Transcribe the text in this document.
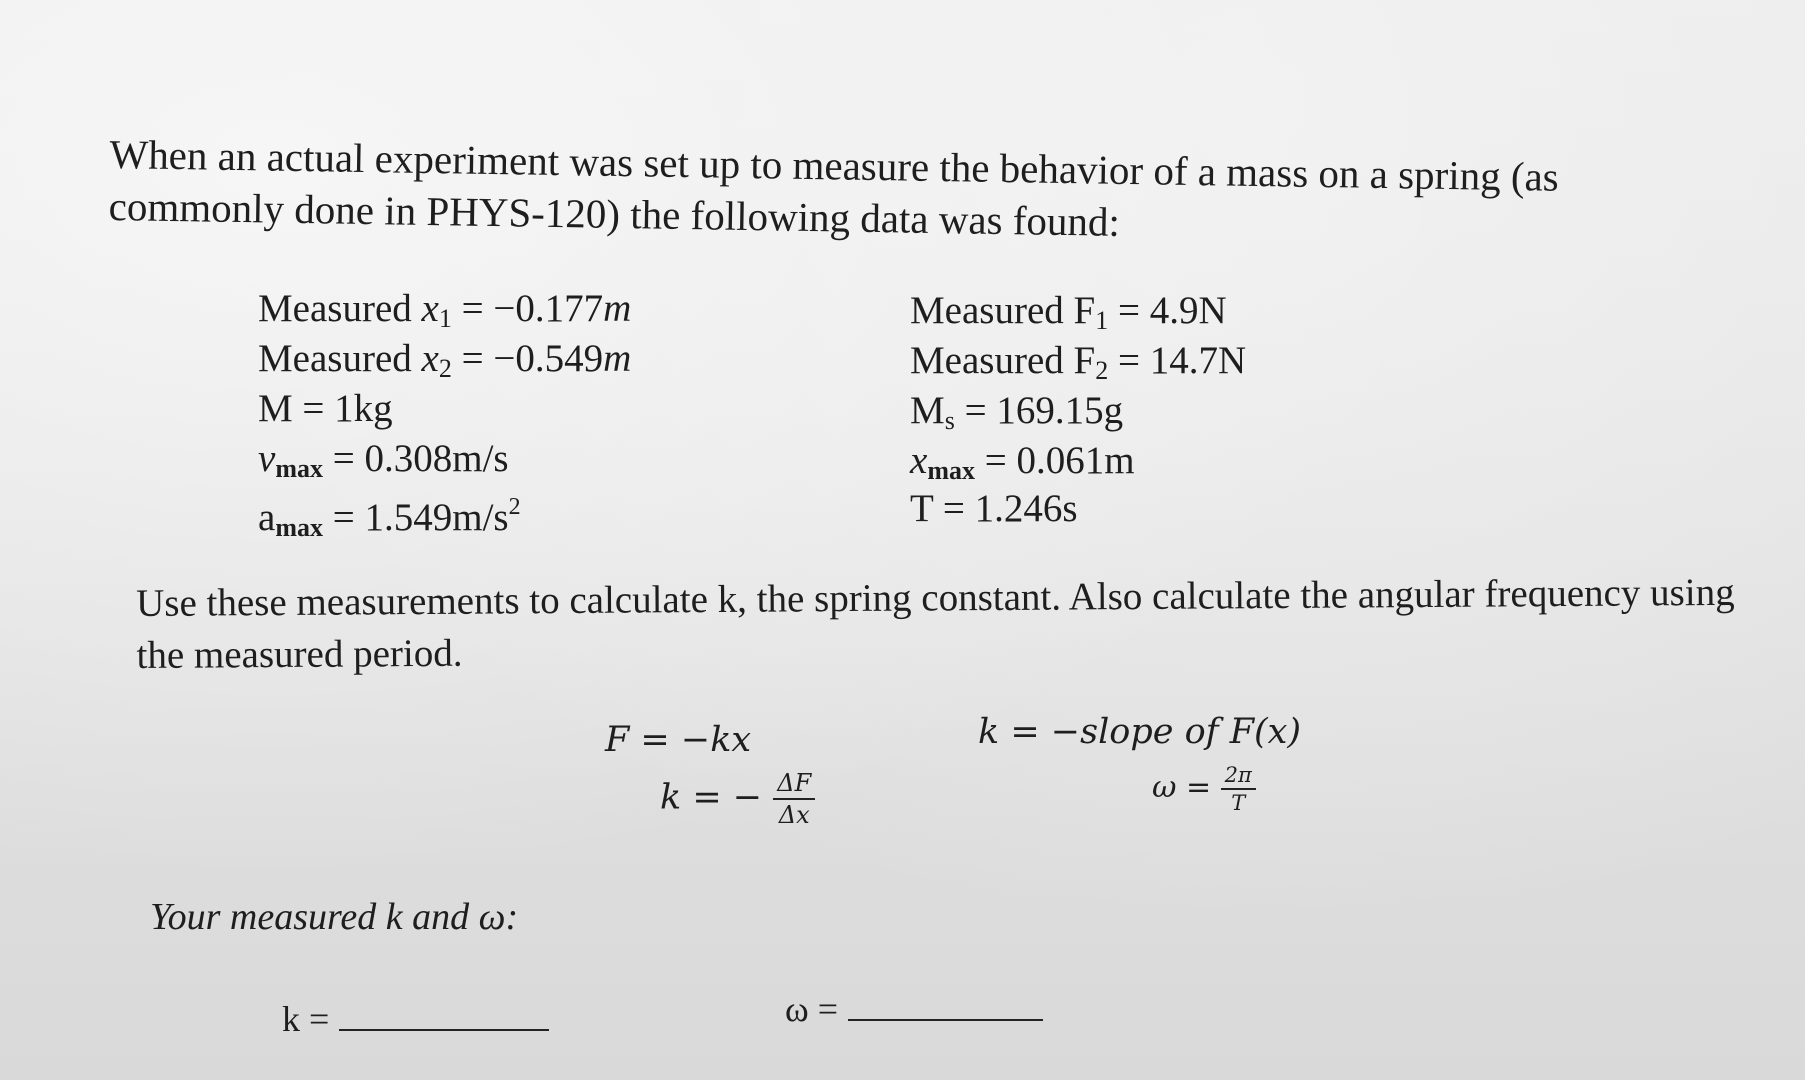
When an actual experiment was set up to measure the behavior of a mass on a spring (as commonly done in PHYS-120) the following data was found:
Measured $x_1 = -0.177m$
Measured $x_2 = -0.549m$
M = 1kg
$v_{max} = 0.308m/s$
$a_{max} = 1.549m/s^2$
Measured $F_1 = 4.9N$
Measured $F_2 = 14.7N$
$M_s = 169.15g$
$x_{max} = 0.061m$
T = 1.246s
Use these measurements to calculate k, the spring constant. Also calculate the angular frequency using the measured period.
F = −kx
k = − $\frac{\Delta F}{\Delta x}$
k = −slope of F(x)
$\omega = \frac{2\pi}{T}$
Your measured k and ω:
k =	ω =
